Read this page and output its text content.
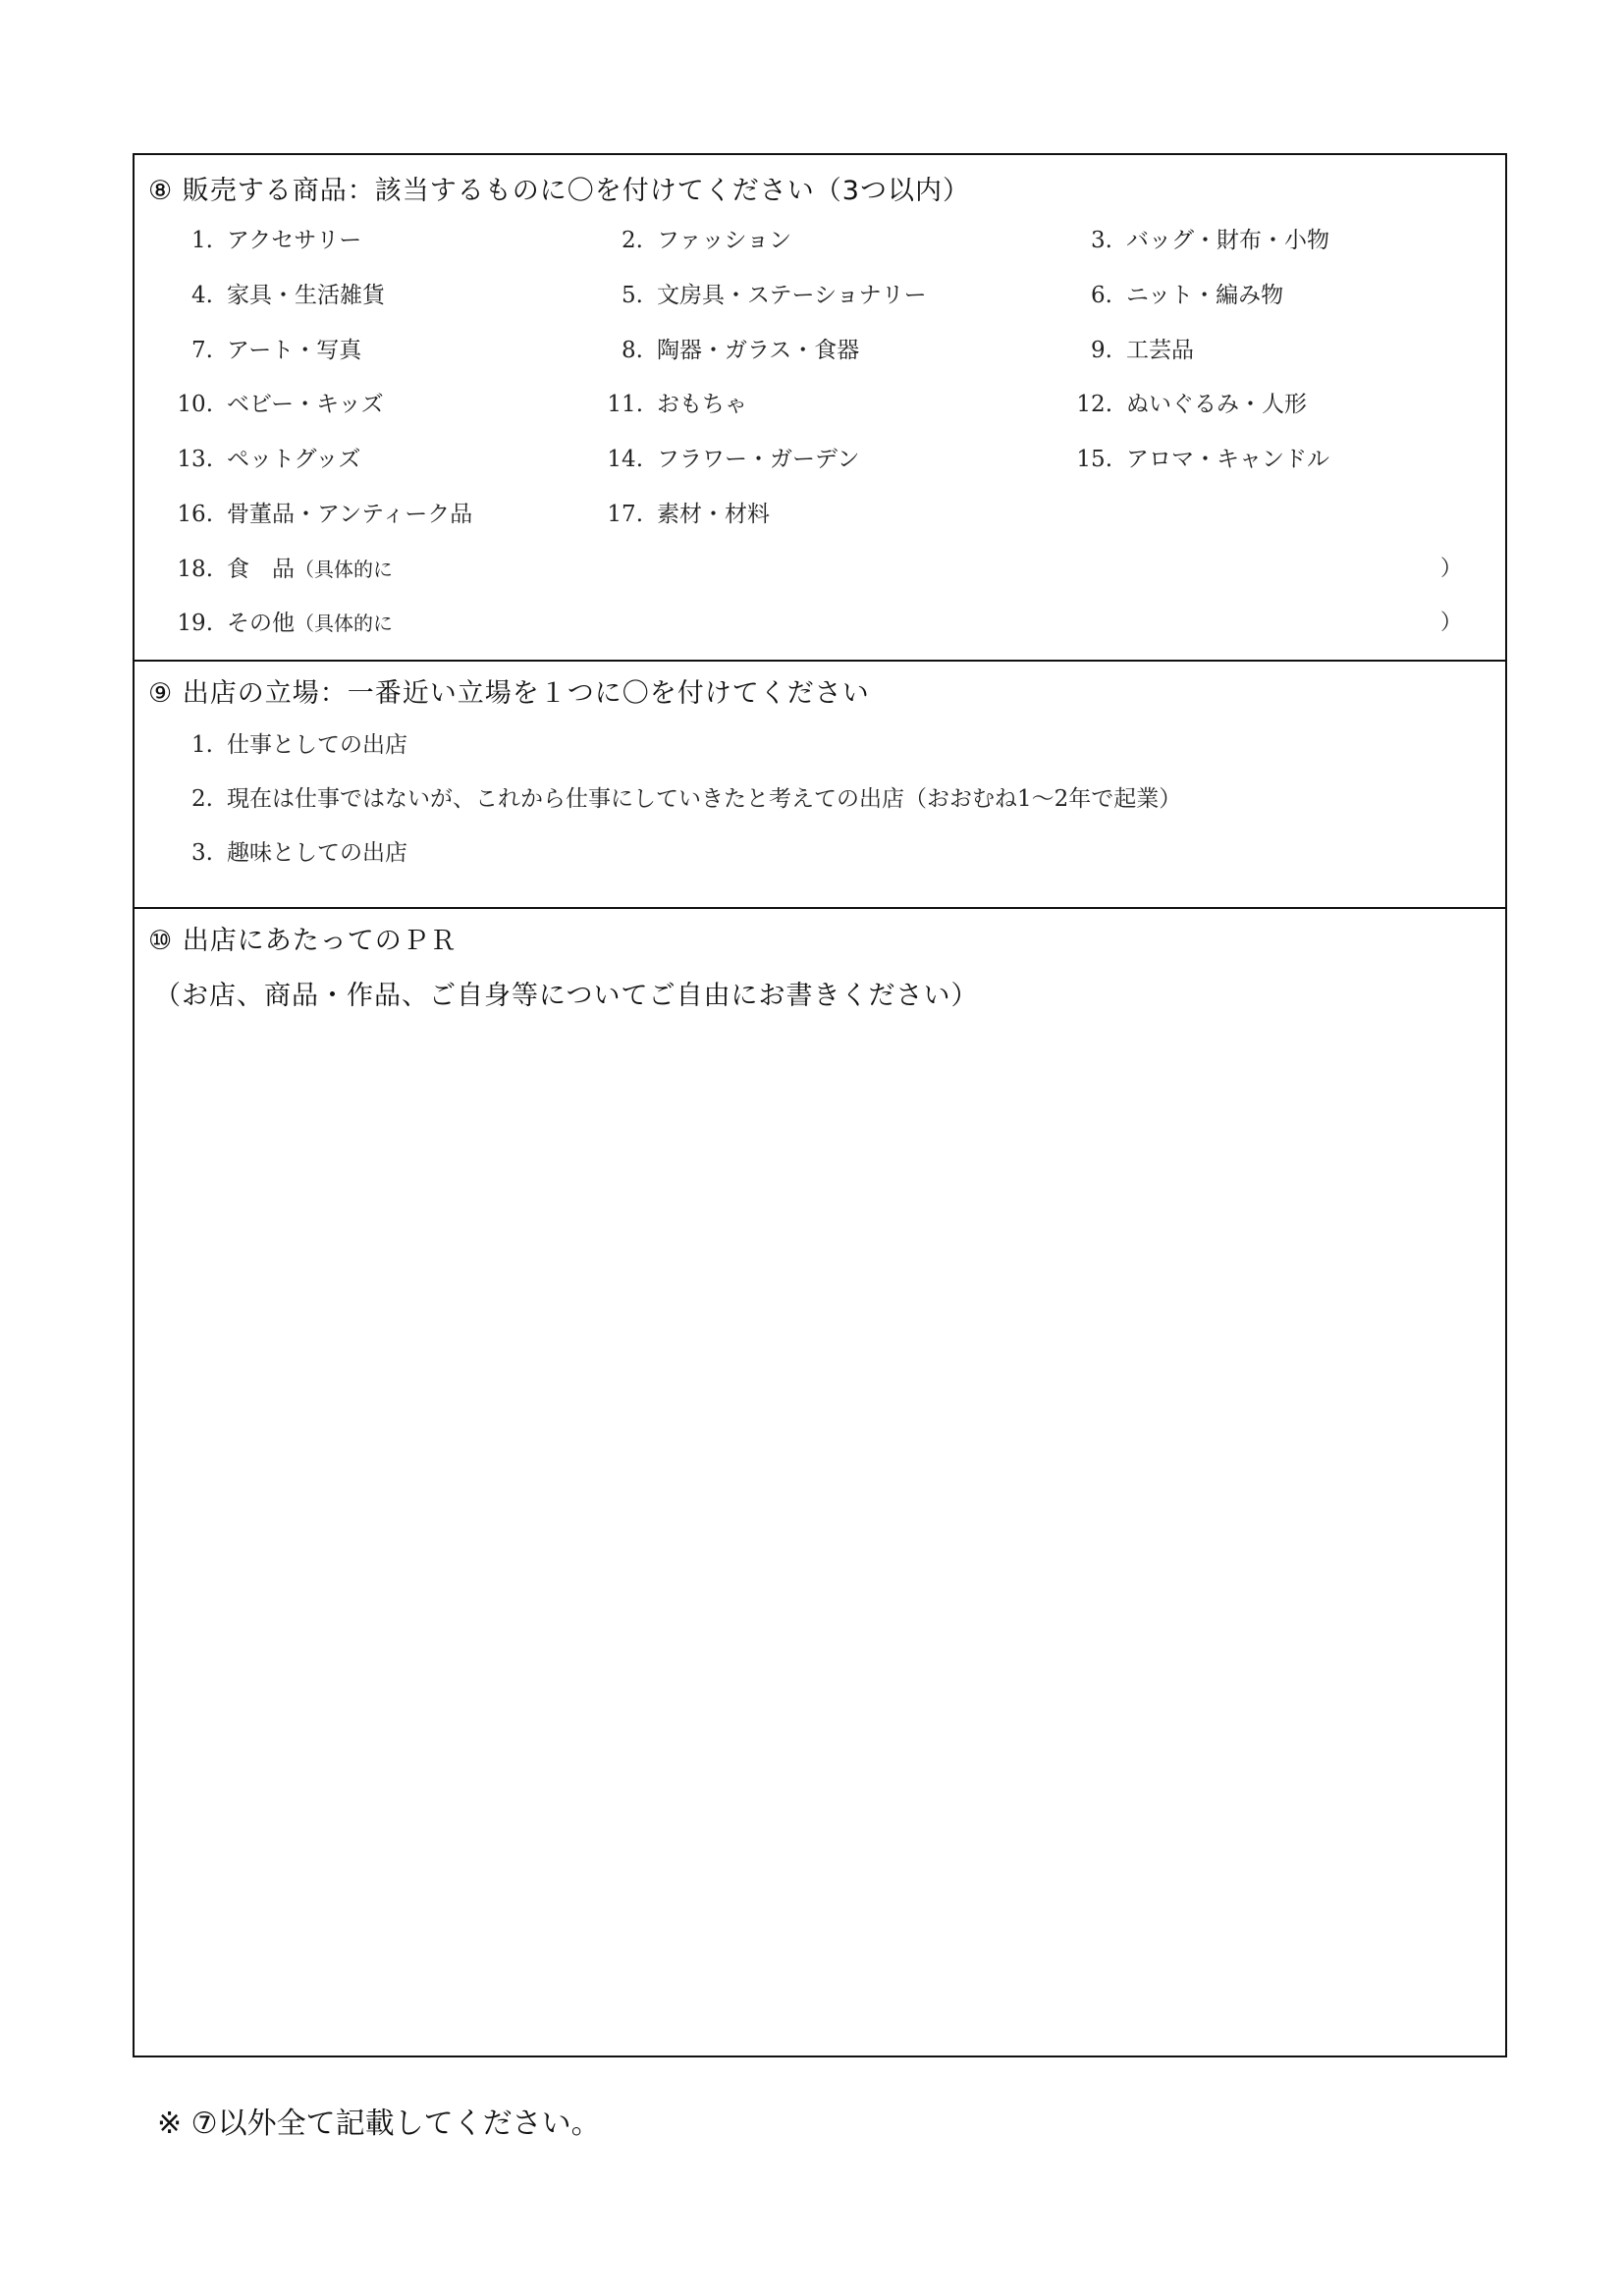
⑧ 販売する商品：該当するものに〇を付けてください（3つ以内）
1. アクセサリー	2. ファッション	3. バッグ・財布・小物
4. 家具・生活雑貨	5. 文房具・ステーショナリー	6. ニット・編み物
7. アート・写真	8. 陶器・ガラス・食器	9. 工芸品
10. ベビー・キッズ	11. おもちゃ	12. ぬいぐるみ・人形
13. ペットグッズ	14. フラワー・ガーデン	15. アロマ・キャンドル
16. 骨董品・アンティーク品	17. 素材・材料
18. 食　品（具体的に	）
19. その他（具体的に	）
⑨ 出店の立場：一番近い立場を１つに〇を付けてください
1. 仕事としての出店
2. 現在は仕事ではないが、これから仕事にしていきたと考えての出店（おおむね1～2年で起業）
3. 趣味としての出店
⑩ 出店にあたってのＰＲ
（お店、商品・作品、ご自身等についてご自由にお書きください）
※ ⑦以外全て記載してください。
